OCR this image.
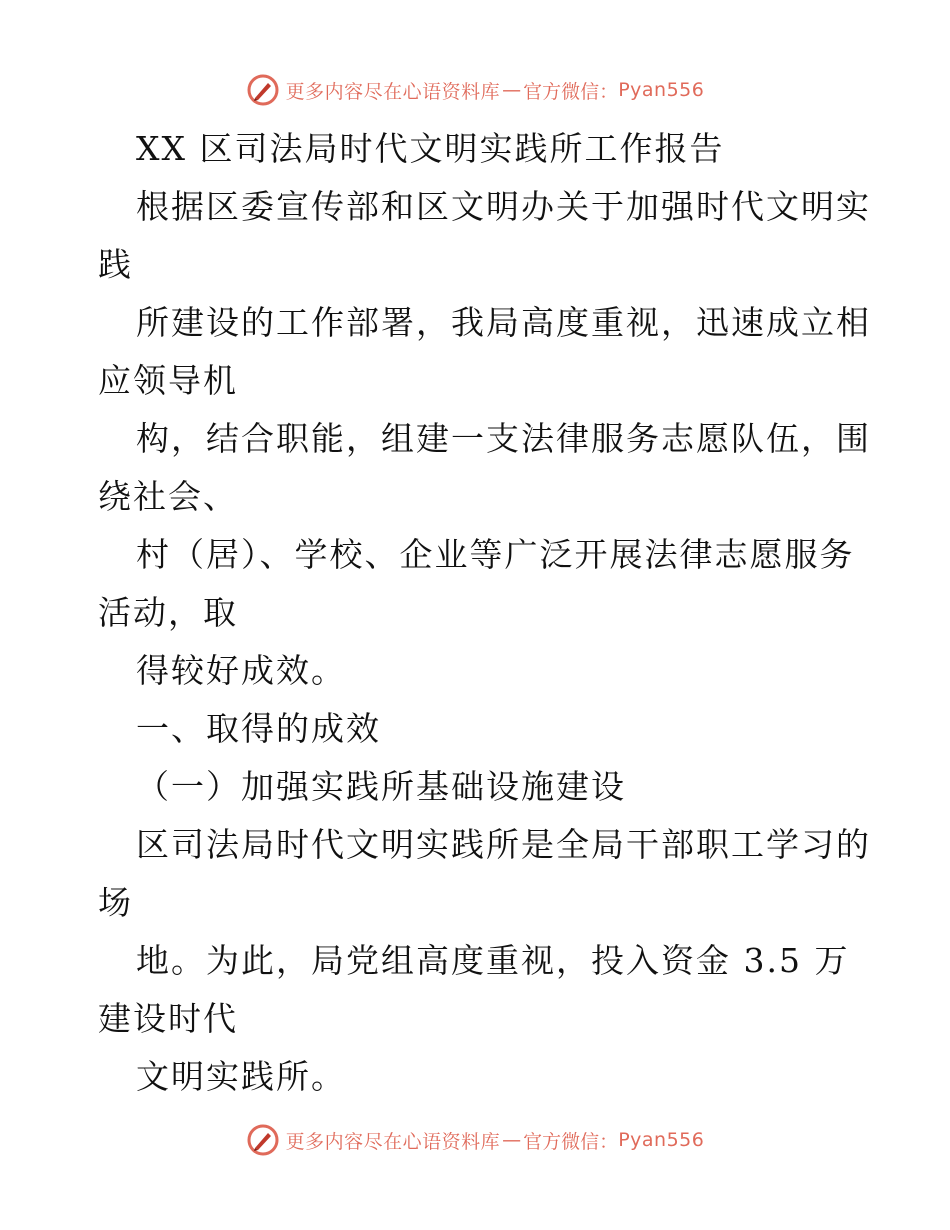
更多内容尽在心语资料库 — 官方微信： Pyan556
XX 区司法局时代文明实践所工作报告
根据区委宣传部和区文明办关于加强时代文明实
践
所建设的工作部署，我局高度重视，迅速成立相
应领导机
构，结合职能，组建一支法律服务志愿队伍，围
绕社会、
村（居）、学校、企业等广泛开展法律志愿服务
活动，取
得较好成效。
一、取得的成效
（一）加强实践所基础设施建设
区司法局时代文明实践所是全局干部职工学习的
场
地。为此，局党组高度重视，投入资金 3.5 万
建设时代
文明实践所。
更多内容尽在心语资料库 — 官方微信： Pyan556
